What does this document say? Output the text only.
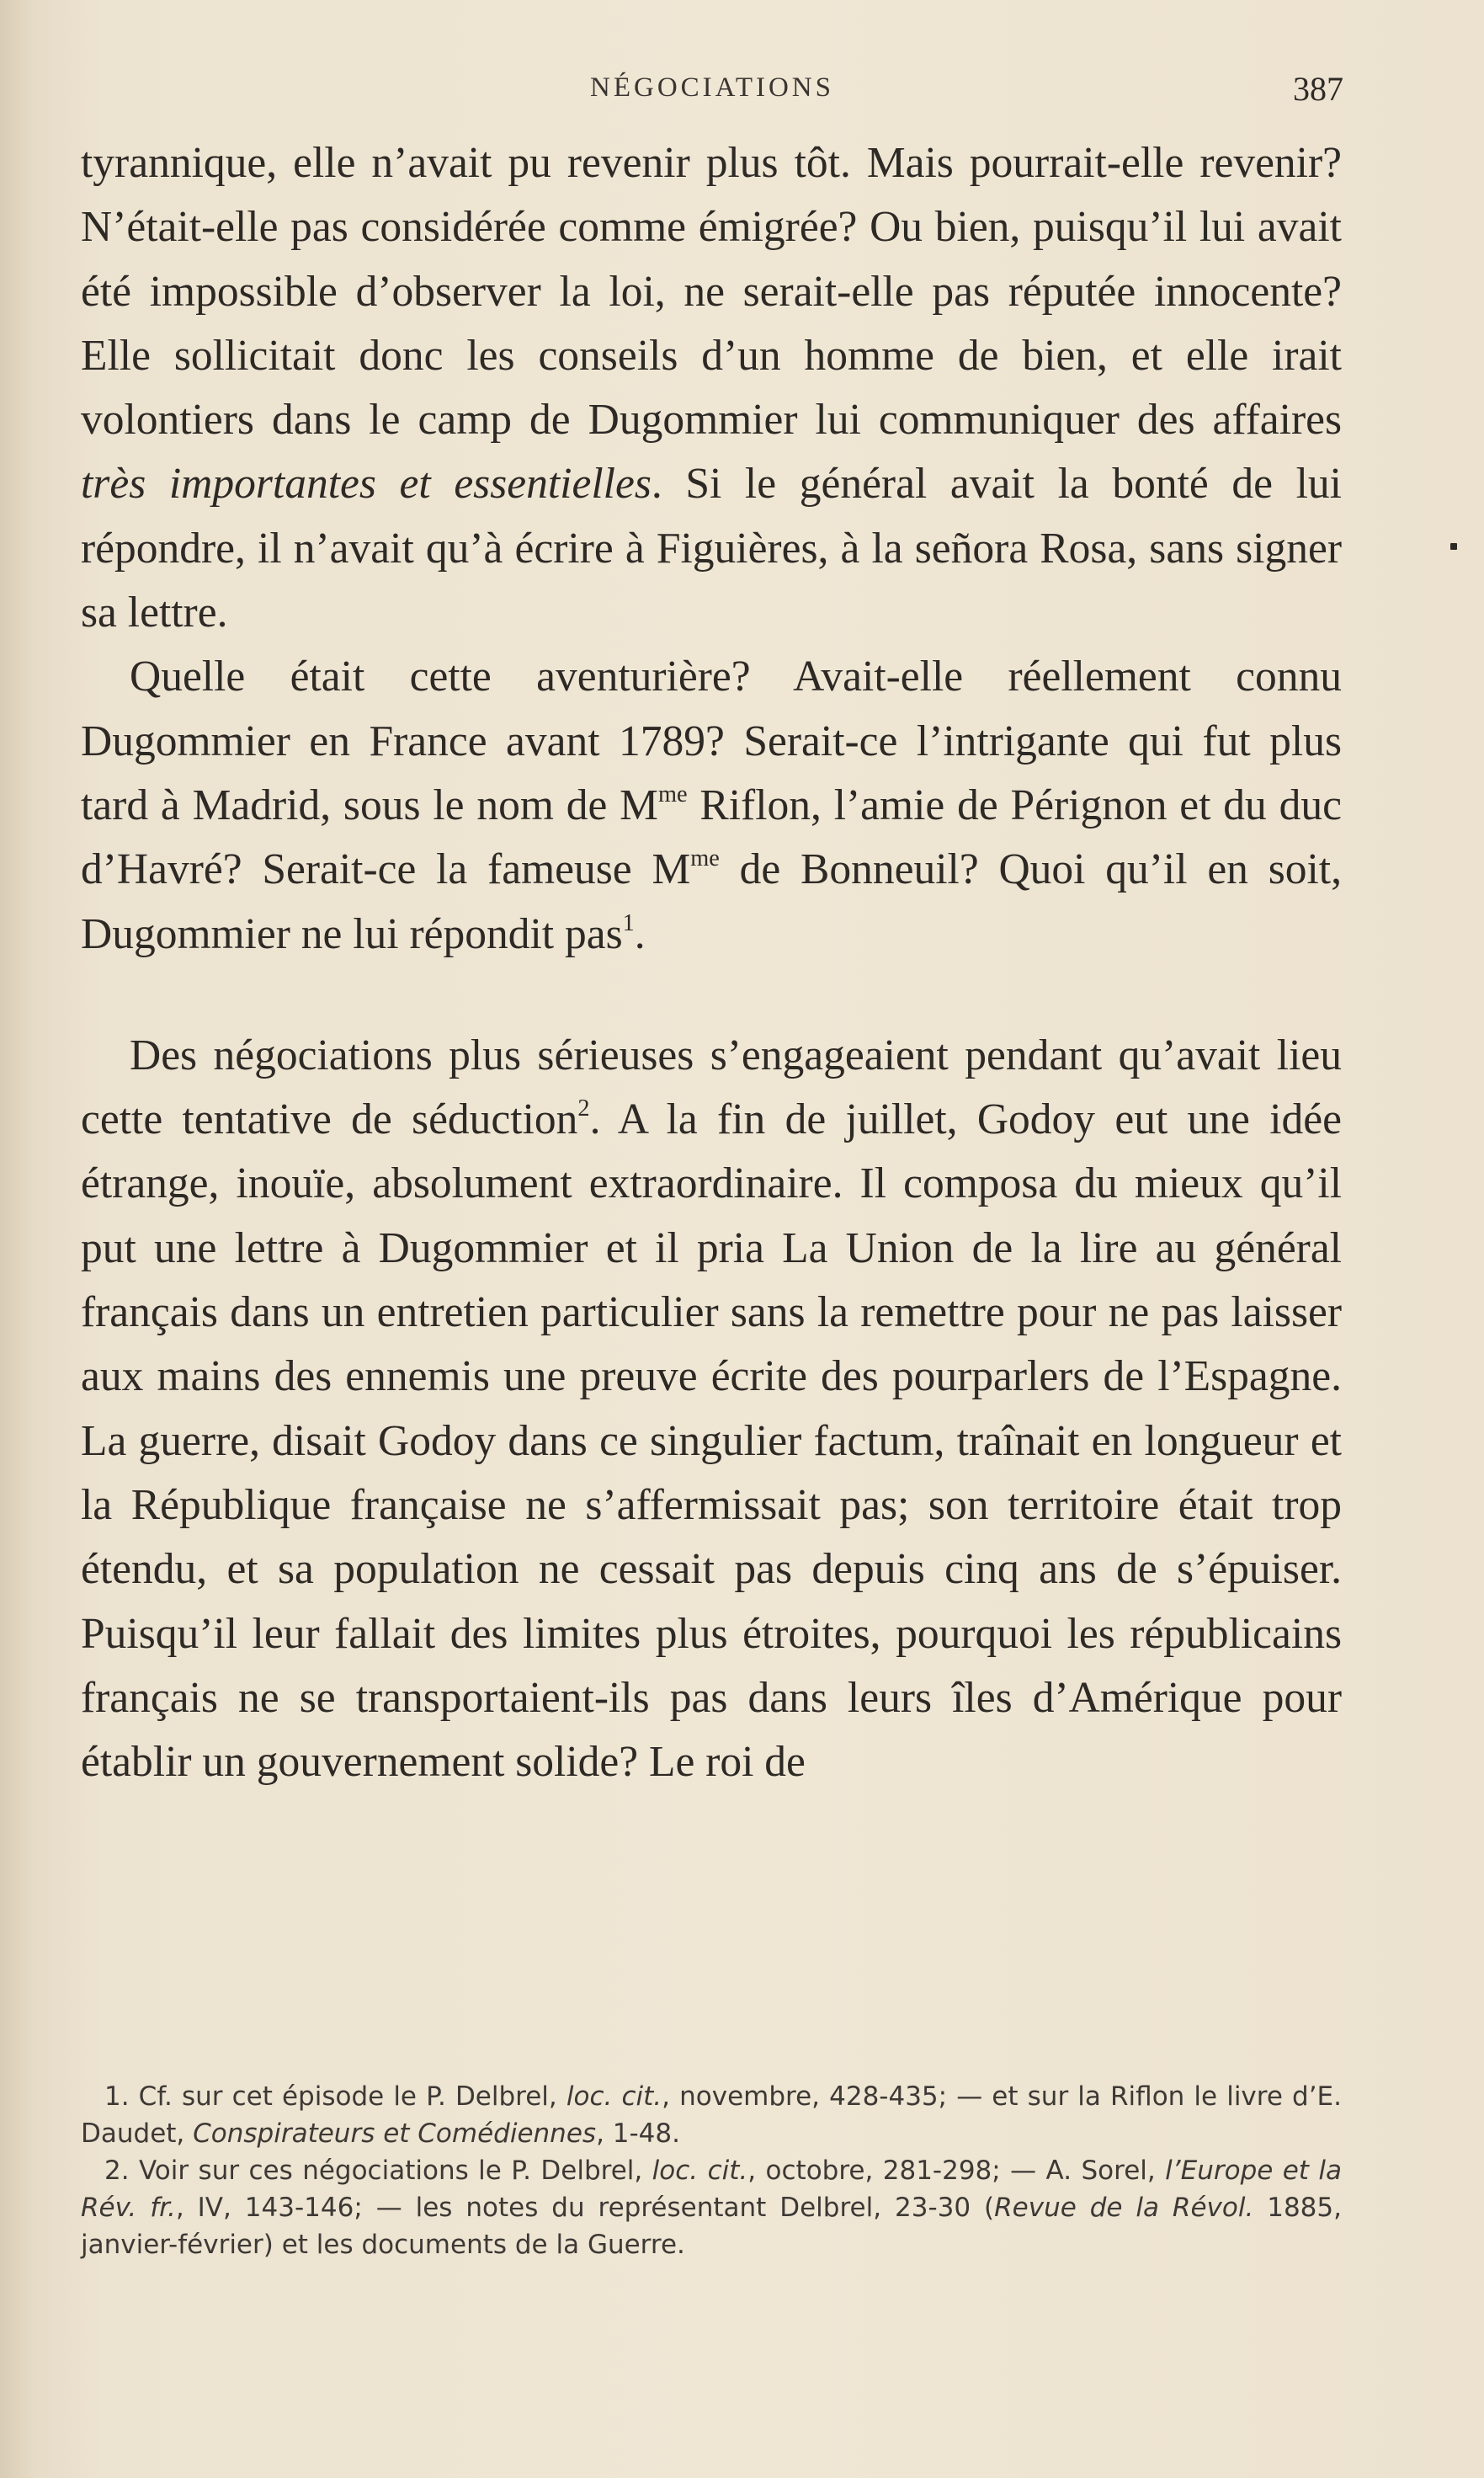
NÉGOCIATIONS	387

tyrannique, elle n’avait pu revenir plus tôt. Mais pourrait-elle revenir? N’était-elle pas considérée comme émigrée? Ou bien, puisqu’il lui avait été impossible d’observer la loi, ne serait-elle pas réputée innocente? Elle sollicitait donc les conseils d’un homme de bien, et elle irait volontiers dans le camp de Dugommier lui communiquer des affaires très importantes et essentielles. Si le général avait la bonté de lui répondre, il n’avait qu’à écrire à Figuières, à la señora Rosa, sans signer sa lettre.

Quelle était cette aventurière? Avait-elle réellement connu Dugommier en France avant 1789? Serait-ce l’intrigante qui fut plus tard à Madrid, sous le nom de $M^{me}$ Riflon, l’amie de Pérignon et du duc d’Havré? Serait-ce la fameuse $M^{me}$ de Bonneuil? Quoi qu’il en soit, Dugommier ne lui répondit pas$^1$.

Des négociations plus sérieuses s’engageaient pendant qu’avait lieu cette tentative de séduction$^2$. A la fin de juillet, Godoy eut une idée étrange, inouïe, absolument extraordinaire. Il composa du mieux qu’il put une lettre à Dugommier et il pria La Union de la lire au général français dans un entretien particulier sans la remettre pour ne pas laisser aux mains des ennemis une preuve écrite des pourparlers de l’Espagne. La guerre, disait Godoy dans ce singulier factum, traînait en longueur et la République française ne s’affermissait pas; son territoire était trop étendu, et sa population ne cessait pas depuis cinq ans de s’épuiser. Puisqu’il leur fallait des limites plus étroites, pourquoi les républicains français ne se transportaient-ils pas dans leurs îles d’Amérique pour établir un gouvernement solide? Le roi de

1. Cf. sur cet épisode le P. Delbrel, loc. cit., novembre, 428-435; — et sur la Riflon le livre d’E. Daudet, Conspirateurs et Comédiennes, 1-48.

2. Voir sur ces négociations le P. Delbrel, loc. cit., octobre, 281-298; — A. Sorel, l’Europe et la Rév. fr., IV, 143-146; — les notes du représentant Delbrel, 23-30 (Revue de la Révol. 1885, janvier-février) et les documents de la Guerre.
